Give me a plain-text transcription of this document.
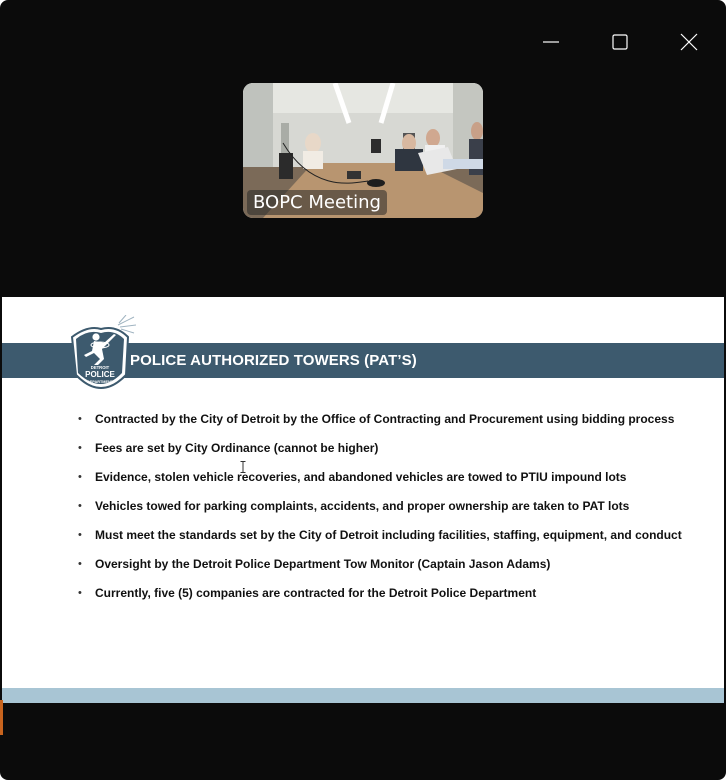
BOPC Meeting
POLICE AUTHORIZED TOWERS (PAT’S)
DETROIT
POLICE
DEPARTMENT
• Contracted by the City of Detroit by the Office of Contracting and Procurement using bidding process
• Fees are set by City Ordinance (cannot be higher)
• Evidence, stolen vehicle recoveries, and abandoned vehicles are towed to PTIU impound lots
• Vehicles towed for parking complaints, accidents, and proper ownership are taken to PAT lots
• Must meet the standards set by the City of Detroit including facilities, staffing, equipment, and conduct
• Oversight by the Detroit Police Department Tow Monitor (Captain Jason Adams)
• Currently, five (5) companies are contracted for the Detroit Police Department
